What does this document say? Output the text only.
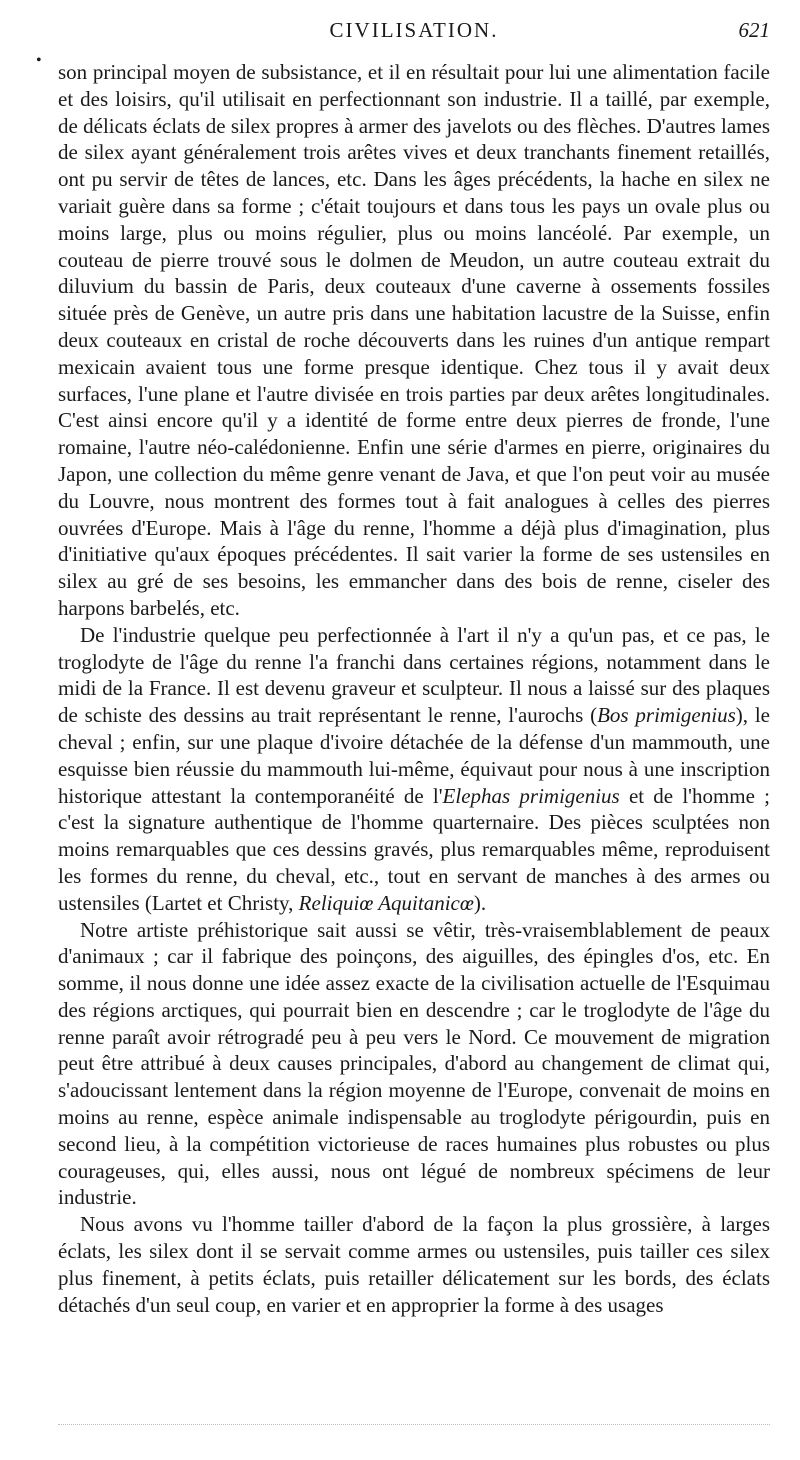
CIVILISATION.	621
• son principal moyen de subsistance, et il en résultait pour lui une alimentation facile et des loisirs, qu'il utilisait en perfectionnant son industrie. Il a taillé, par exemple, de délicats éclats de silex propres à armer des javelots ou des flèches. D'autres lames de silex ayant généralement trois arêtes vives et deux tranchants finement retaillés, ont pu servir de têtes de lances, etc. Dans les âges précédents, la hache en silex ne variait guère dans sa forme ; c'était toujours et dans tous les pays un ovale plus ou moins large, plus ou moins régulier, plus ou moins lancéolé. Par exemple, un couteau de pierre trouvé sous le dolmen de Meudon, un autre couteau extrait du diluvium du bassin de Paris, deux couteaux d'une caverne à ossements fossiles située près de Genève, un autre pris dans une habitation lacustre de la Suisse, enfin deux couteaux en cristal de roche découverts dans les ruines d'un antique rempart mexicain avaient tous une forme presque identique. Chez tous il y avait deux surfaces, l'une plane et l'autre divisée en trois parties par deux arêtes longitudinales. C'est ainsi encore qu'il y a identité de forme entre deux pierres de fronde, l'une romaine, l'autre néo-calédonienne. Enfin une série d'armes en pierre, originaires du Japon, une collection du même genre venant de Java, et que l'on peut voir au musée du Louvre, nous montrent des formes tout à fait analogues à celles des pierres ouvrées d'Europe. Mais à l'âge du renne, l'homme a déjà plus d'imagination, plus d'initiative qu'aux époques précédentes. Il sait varier la forme de ses ustensiles en silex au gré de ses besoins, les emmancher dans des bois de renne, ciseler des harpons barbelés, etc.

De l'industrie quelque peu perfectionnée à l'art il n'y a qu'un pas, et ce pas, le troglodyte de l'âge du renne l'a franchi dans certaines régions, notamment dans le midi de la France. Il est devenu graveur et sculpteur. Il nous a laissé sur des plaques de schiste des dessins au trait représentant le renne, l'aurochs (Bos primigenius), le cheval ; enfin, sur une plaque d'ivoire détachée de la défense d'un mammouth, une esquisse bien réussie du mammouth lui-même, équivaut pour nous à une inscription historique attestant la contemporanéité de l'Elephas primigenius et de l'homme ; c'est la signature authentique de l'homme quarternaire. Des pièces sculptées non moins remarquables que ces dessins gravés, plus remarquables même, reproduisent les formes du renne, du cheval, etc., tout en servant de manches à des armes ou ustensiles (Lartet et Christy, Reliquiœ Aquitanicœ).

Notre artiste préhistorique sait aussi se vêtir, très-vraisemblablement de peaux d'animaux ; car il fabrique des poinçons, des aiguilles, des épingles d'os, etc. En somme, il nous donne une idée assez exacte de la civilisation actuelle de l'Esquimau des régions arctiques, qui pourrait bien en descendre ; car le troglodyte de l'âge du renne paraît avoir rétrogradé peu à peu vers le Nord. Ce mouvement de migration peut être attribué à deux causes principales, d'abord au changement de climat qui, s'adoucissant lentement dans la région moyenne de l'Europe, convenait de moins en moins au renne, espèce animale indispensable au troglodyte périgourdin, puis en second lieu, à la compétition victorieuse de races humaines plus robustes ou plus courageuses, qui, elles aussi, nous ont légué de nombreux spécimens de leur industrie.

Nous avons vu l'homme tailler d'abord de la façon la plus grossière, à larges éclats, les silex dont il se servait comme armes ou ustensiles, puis tailler ces silex plus finement, à petits éclats, puis retailler délicatement sur les bords, des éclats détachés d'un seul coup, en varier et en approprier la forme à des usages
